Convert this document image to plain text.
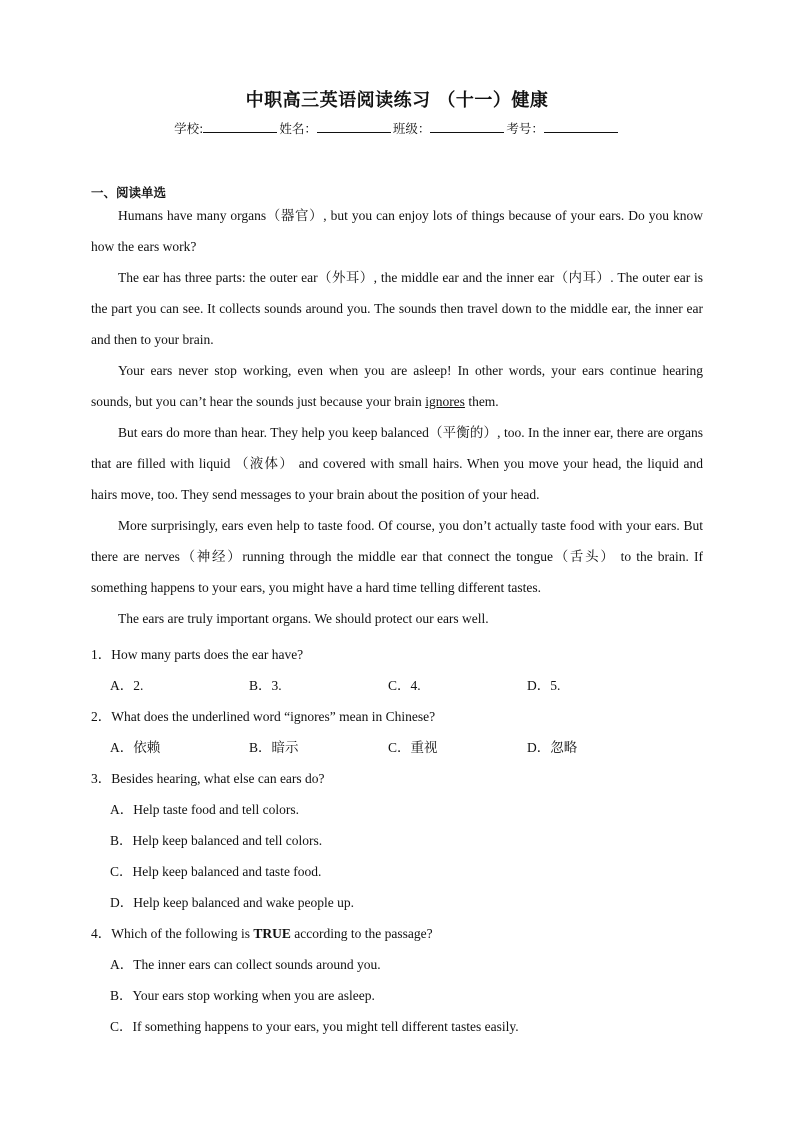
中职高三英语阅读练习 （十一）健康
学校:	姓名：	班级：	考号：
一、阅读单选

Humans have many organs（器官）, but you can enjoy lots of things because of your ears. Do you know how the ears work?

The ear has three parts: the outer ear（外耳）, the middle ear and the inner ear（内耳）. The outer ear is the part you can see. It collects sounds around you. The sounds then travel down to the middle ear, the inner ear and then to your brain.

Your ears never stop working, even when you are asleep! In other words, your ears continue hearing sounds, but you can’t hear the sounds just because your brain ignores them.

But ears do more than hear. They help you keep balanced（平衡的）, too. In the inner ear, there are organs that are filled with liquid （液体） and covered with small hairs. When you move your head, the liquid and hairs move, too. They send messages to your brain about the position of your head.

More surprisingly, ears even help to taste food. Of course, you don’t actually taste food with your ears. But there are nerves（神经）running through the middle ear that connect the tongue（舌头） to the brain. If something happens to your ears, you might have a hard time telling different tastes.

The ears are truly important organs. We should protect our ears well.

1．How many parts does the ear have?
A．2.	B．3.	C．4.	D．5.
2．What does the underlined word “ignores” mean in Chinese?
A．依赖	B．暗示	C．重视	D．忽略
3．Besides hearing, what else can ears do?
A．Help taste food and tell colors.
B．Help keep balanced and tell colors.
C．Help keep balanced and taste food.
D．Help keep balanced and wake people up.
4．Which of the following is TRUE according to the passage?
A．The inner ears can collect sounds around you.
B．Your ears stop working when you are asleep.
C．If something happens to your ears, you might tell different tastes easily.
